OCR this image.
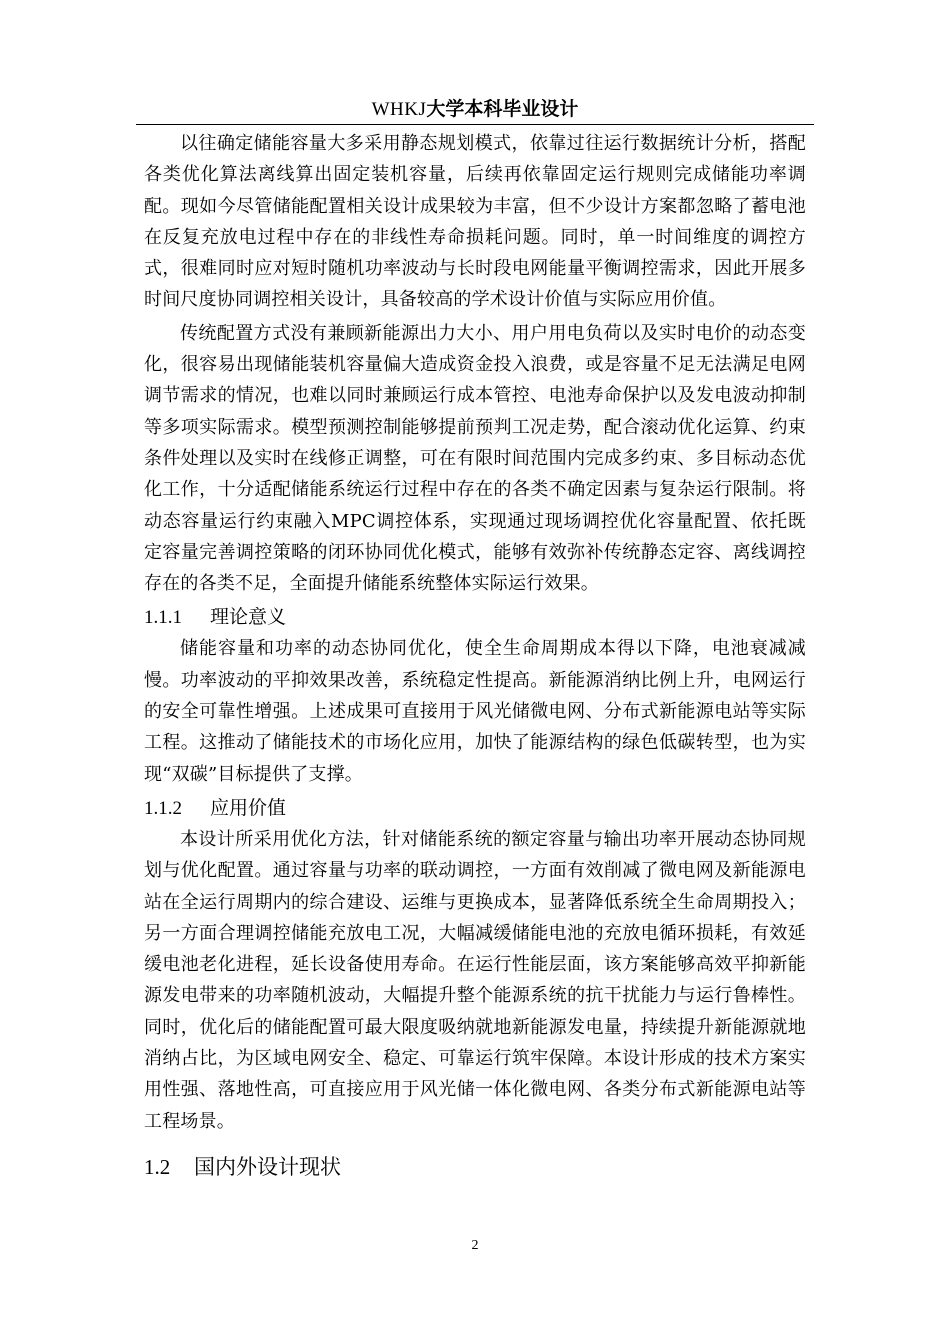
WHKJ大学本科毕业设计

以往确定储能容量大多采用静态规划模式，依靠过往运行数据统计分析，搭配各类优化算法离线算出固定装机容量，后续再依靠固定运行规则完成储能功率调配。现如今尽管储能配置相关设计成果较为丰富，但不少设计方案都忽略了蓄电池在反复充放电过程中存在的非线性寿命损耗问题。同时，单一时间维度的调控方式，很难同时应对短时随机功率波动与长时段电网能量平衡调控需求，因此开展多时间尺度协同调控相关设计，具备较高的学术设计价值与实际应用价值。

传统配置方式没有兼顾新能源出力大小、用户用电负荷以及实时电价的动态变化，很容易出现储能装机容量偏大造成资金投入浪费，或是容量不足无法满足电网调节需求的情况，也难以同时兼顾运行成本管控、电池寿命保护以及发电波动抑制等多项实际需求。模型预测控制能够提前预判工况走势，配合滚动优化运算、约束条件处理以及实时在线修正调整，可在有限时间范围内完成多约束、多目标动态优化工作，十分适配储能系统运行过程中存在的各类不确定因素与复杂运行限制。将动态容量运行约束融入MPC调控体系，实现通过现场调控优化容量配置、依托既定容量完善调控策略的闭环协同优化模式，能够有效弥补传统静态定容、离线调控存在的各类不足，全面提升储能系统整体实际运行效果。

1.1.1 理论意义

储能容量和功率的动态协同优化，使全生命周期成本得以下降，电池衰减减慢。功率波动的平抑效果改善，系统稳定性提高。新能源消纳比例上升，电网运行的安全可靠性增强。上述成果可直接用于风光储微电网、分布式新能源电站等实际工程。这推动了储能技术的市场化应用，加快了能源结构的绿色低碳转型，也为实现“双碳”目标提供了支撑。

1.1.2 应用价值

本设计所采用优化方法，针对储能系统的额定容量与输出功率开展动态协同规划与优化配置。通过容量与功率的联动调控，一方面有效削减了微电网及新能源电站在全运行周期内的综合建设、运维与更换成本，显著降低系统全生命周期投入；另一方面合理调控储能充放电工况，大幅减缓储能电池的充放电循环损耗，有效延缓电池老化进程，延长设备使用寿命。在运行性能层面，该方案能够高效平抑新能源发电带来的功率随机波动，大幅提升整个能源系统的抗干扰能力与运行鲁棒性。同时，优化后的储能配置可最大限度吸纳就地新能源发电量，持续提升新能源就地消纳占比，为区域电网安全、稳定、可靠运行筑牢保障。本设计形成的技术方案实用性强、落地性高，可直接应用于风光储一体化微电网、各类分布式新能源电站等工程场景。

1.2 国内外设计现状
2
